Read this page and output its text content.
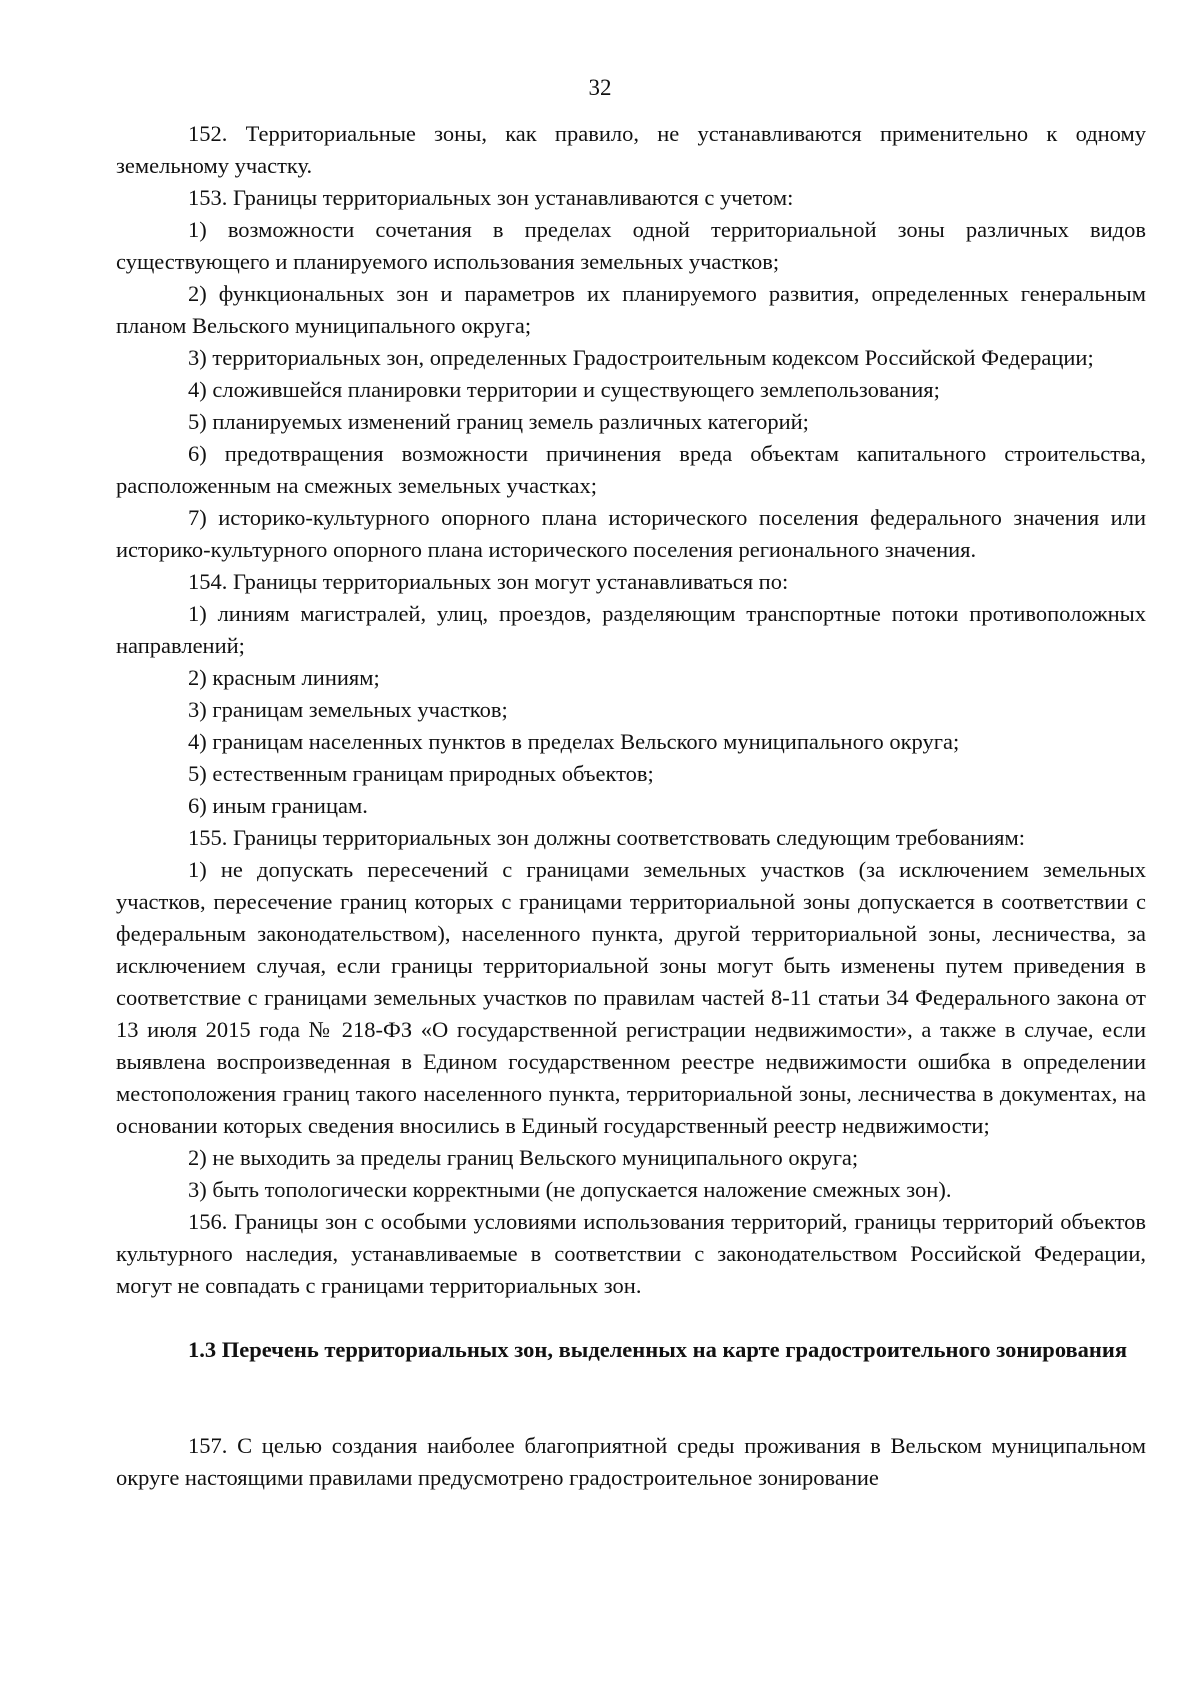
32

152. Территориальные зоны, как правило, не устанавливаются применительно к одному земельному участку.

153. Границы территориальных зон устанавливаются с учетом:

1) возможности сочетания в пределах одной территориальной зоны различных видов существующего и планируемого использования земельных участков;

2) функциональных зон и параметров их планируемого развития, определенных генеральным планом Вельского муниципального округа;

3) территориальных зон, определенных Градостроительным кодексом Российской Федерации;

4) сложившейся планировки территории и существующего землепользования;

5) планируемых изменений границ земель различных категорий;

6) предотвращения возможности причинения вреда объектам капитального строительства, расположенным на смежных земельных участках;

7) историко-культурного опорного плана исторического поселения федерального значения или историко-культурного опорного плана исторического поселения регионального значения.

154. Границы территориальных зон могут устанавливаться по:

1) линиям магистралей, улиц, проездов, разделяющим транспортные потоки противоположных направлений;

2) красным линиям;

3) границам земельных участков;

4) границам населенных пунктов в пределах Вельского муниципального округа;

5) естественным границам природных объектов;

6) иным границам.

155. Границы территориальных зон должны соответствовать следующим требованиям:

1) не допускать пересечений с границами земельных участков (за исключением земельных участков, пересечение границ которых с границами территориальной зоны допускается в соответствии с федеральным законодательством), населенного пункта, другой территориальной зоны, лесничества, за исключением случая, если границы территориальной зоны могут быть изменены путем приведения в соответствие с границами земельных участков по правилам частей 8-11 статьи 34 Федерального закона от 13 июля 2015 года № 218-ФЗ «О государственной регистрации недвижимости», а также в случае, если выявлена воспроизведенная в Едином государственном реестре недвижимости ошибка в определении местоположения границ такого населенного пункта, территориальной зоны, лесничества в документах, на основании которых сведения вносились в Единый государственный реестр недвижимости;

2) не выходить за пределы границ Вельского муниципального округа;

3) быть топологически корректными (не допускается наложение смежных зон).

156. Границы зон с особыми условиями использования территорий, границы территорий объектов культурного наследия, устанавливаемые в соответствии с законодательством Российской Федерации, могут не совпадать с границами территориальных зон.

1.3 Перечень территориальных зон, выделенных на карте градостроительного зонирования

157. С целью создания наиболее благоприятной среды проживания в Вельском муниципальном округе настоящими правилами предусмотрено градостроительное зонирование
